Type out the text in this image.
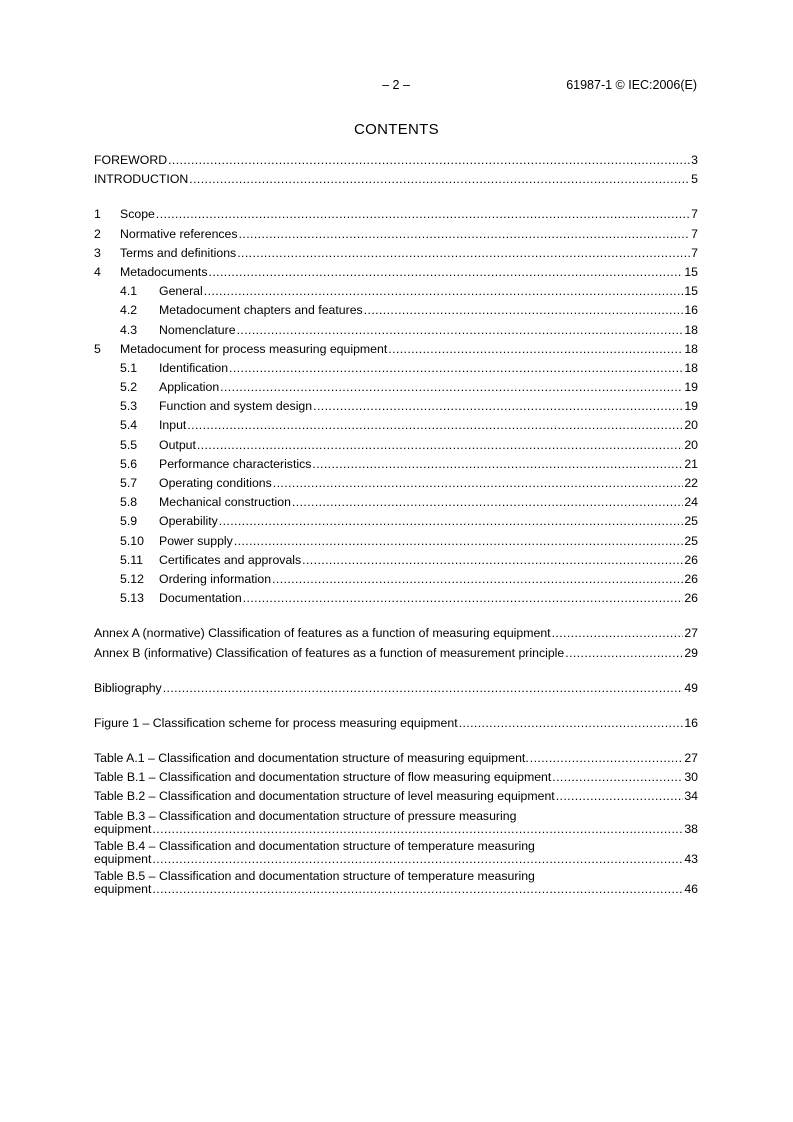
– 2 –	61987-1 © IEC:2006(E)
CONTENTS
FOREWORD .....	3
INTRODUCTION .....	5
1	Scope .....	7
2	Normative references .....	7
3	Terms and definitions .....	7
4	Metadocuments .....	15
4.1	General .....	15
4.2	Metadocument chapters and features .....	16
4.3	Nomenclature .....	18
5	Metadocument for process measuring equipment .....	18
5.1	Identification .....	18
5.2	Application .....	19
5.3	Function and system design .....	19
5.4	Input .....	20
5.5	Output .....	20
5.6	Performance characteristics .....	21
5.7	Operating conditions .....	22
5.8	Mechanical construction .....	24
5.9	Operability .....	25
5.10	Power supply .....	25
5.11	Certificates and approvals .....	26
5.12	Ordering information .....	26
5.13	Documentation .....	26
Annex A (normative) Classification of features as a function of measuring equipment .....	27
Annex B (informative) Classification of features as a function of measurement principle .....	29
Bibliography .....	49
Figure 1 – Classification scheme for process measuring equipment .....	16
Table A.1 – Classification and documentation structure of measuring equipment. .....	27
Table B.1 – Classification and documentation structure of flow measuring equipment .....	30
Table B.2 – Classification and documentation structure of level measuring equipment .....	34
Table B.3 – Classification and documentation structure of pressure measuring
equipment .....	38
Table B.4 – Classification and documentation structure of temperature measuring
equipment .....	43
Table B.5 – Classification and documentation structure of temperature measuring
equipment .....	46
